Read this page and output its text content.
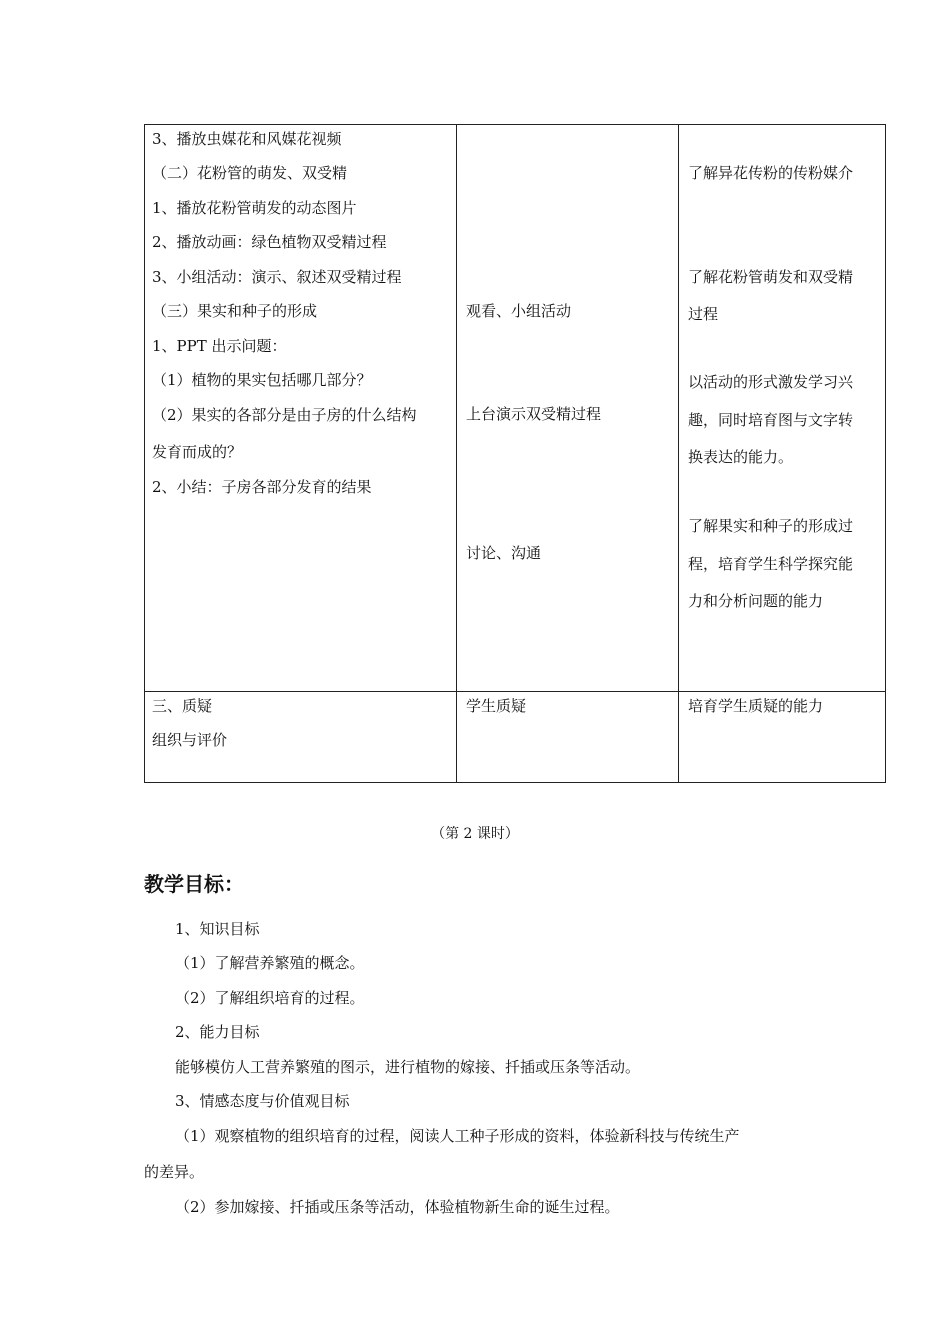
3、播放虫媒花和风媒花视频
（二）花粉管的萌发、双受精
1、播放花粉管萌发的动态图片
2、播放动画：绿色植物双受精过程
3、小组活动：演示、叙述双受精过程
（三）果实和种子的形成
1、PPT 出示问题：
（1）植物的果实包括哪几部分？
（2）果实的各部分是由子房的什么结构
发育而成的？
2、小结：子房各部分发育的结果
观看、小组活动
上台演示双受精过程
讨论、沟通
了解异花传粉的传粉媒介
了解花粉管萌发和双受精
过程
以活动的形式激发学习兴
趣，同时培育图与文字转
换表达的能力。
了解果实和种子的形成过
程，培育学生科学探究能
力和分析问题的能力
三、质疑
组织与评价
学生质疑	培育学生质疑的能力
（第 2 课时）
教学目标：
1、知识目标
（1）了解营养繁殖的概念。
（2）了解组织培育的过程。
2、能力目标
能够模仿人工营养繁殖的图示，进行植物的嫁接、扦插或压条等活动。
3、情感态度与价值观目标
（1）观察植物的组织培育的过程，阅读人工种子形成的资料，体验新科技与传统生产
的差异。
（2）参加嫁接、扦插或压条等活动，体验植物新生命的诞生过程。
